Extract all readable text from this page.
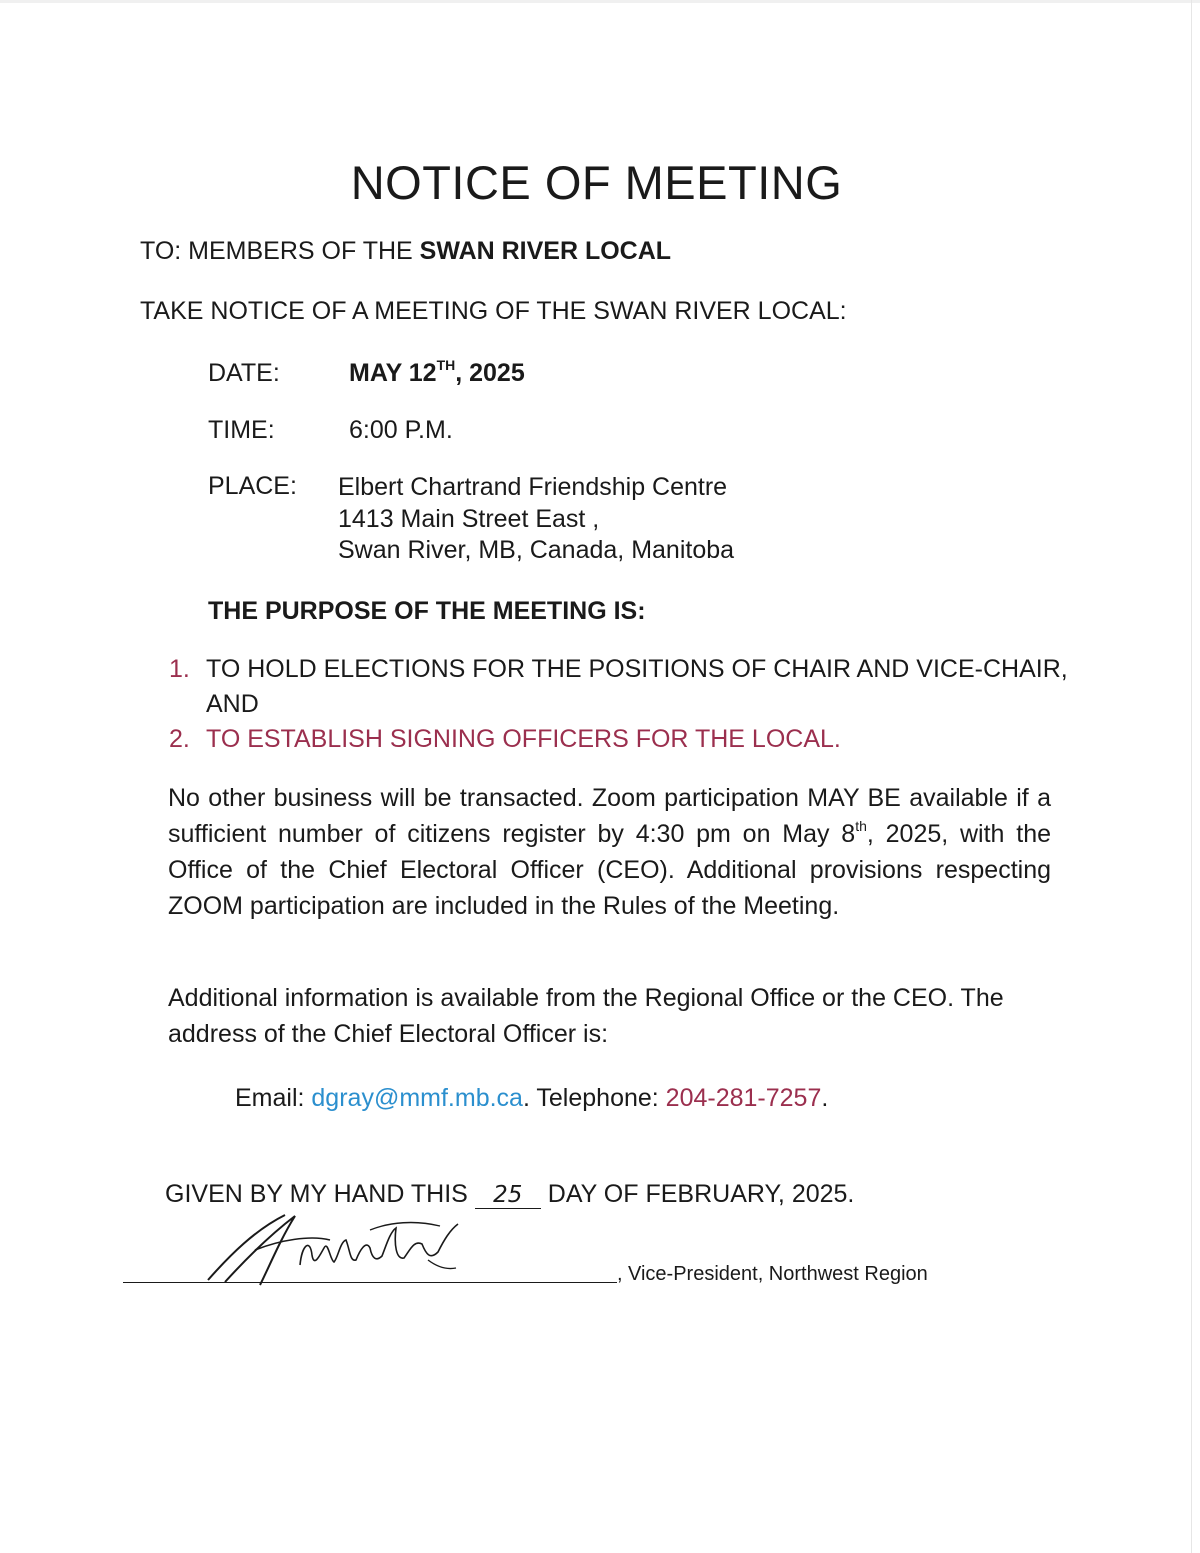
NOTICE OF MEETING
TO: MEMBERS OF THE SWAN RIVER LOCAL
TAKE NOTICE OF A MEETING OF THE SWAN RIVER LOCAL:
DATE:	MAY 12TH, 2025
TIME:	6:00 P.M.
PLACE: Elbert Chartrand Friendship Centre
1413 Main Street East ,
Swan River, MB, Canada, Manitoba
THE PURPOSE OF THE MEETING IS:
1. TO HOLD ELECTIONS FOR THE POSITIONS OF CHAIR AND VICE-CHAIR, AND
2. TO ESTABLISH SIGNING OFFICERS FOR THE LOCAL.
No other business will be transacted. Zoom participation MAY BE available if a sufficient number of citizens register by 4:30 pm on May 8th, 2025, with the Office of the Chief Electoral Officer (CEO). Additional provisions respecting ZOOM participation are included in the Rules of the Meeting.
Additional information is available from the Regional Office or the CEO. The address of the Chief Electoral Officer is:
Email: dgray@mmf.mb.ca. Telephone: 204-281-7257.
GIVEN BY MY HAND THIS 25 DAY OF FEBRUARY, 2025.
, Vice-President, Northwest Region
